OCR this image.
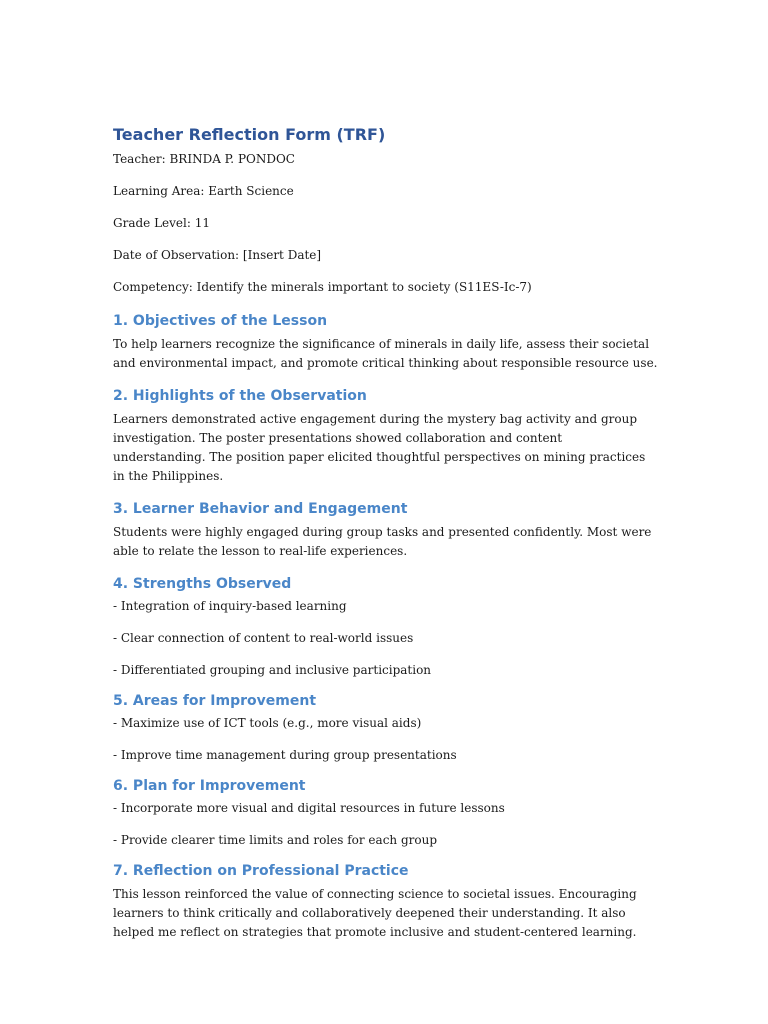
Teacher Reflection Form (TRF)

Teacher: BRINDA P. PONDOC

Learning Area: Earth Science

Grade Level: 11

Date of Observation: [Insert Date]

Competency: Identify the minerals important to society (S11ES-Ic-7)

1. Objectives of the Lesson

To help learners recognize the significance of minerals in daily life, assess their societal and environmental impact, and promote critical thinking about responsible resource use.

2. Highlights of the Observation

Learners demonstrated active engagement during the mystery bag activity and group investigation. The poster presentations showed collaboration and content understanding. The position paper elicited thoughtful perspectives on mining practices in the Philippines.

3. Learner Behavior and Engagement

Students were highly engaged during group tasks and presented confidently. Most were able to relate the lesson to real-life experiences.

4. Strengths Observed

- Integration of inquiry-based learning

- Clear connection of content to real-world issues

- Differentiated grouping and inclusive participation

5. Areas for Improvement

- Maximize use of ICT tools (e.g., more visual aids)

- Improve time management during group presentations

6. Plan for Improvement

- Incorporate more visual and digital resources in future lessons

- Provide clearer time limits and roles for each group

7. Reflection on Professional Practice

This lesson reinforced the value of connecting science to societal issues. Encouraging learners to think critically and collaboratively deepened their understanding. It also helped me reflect on strategies that promote inclusive and student-centered learning.
